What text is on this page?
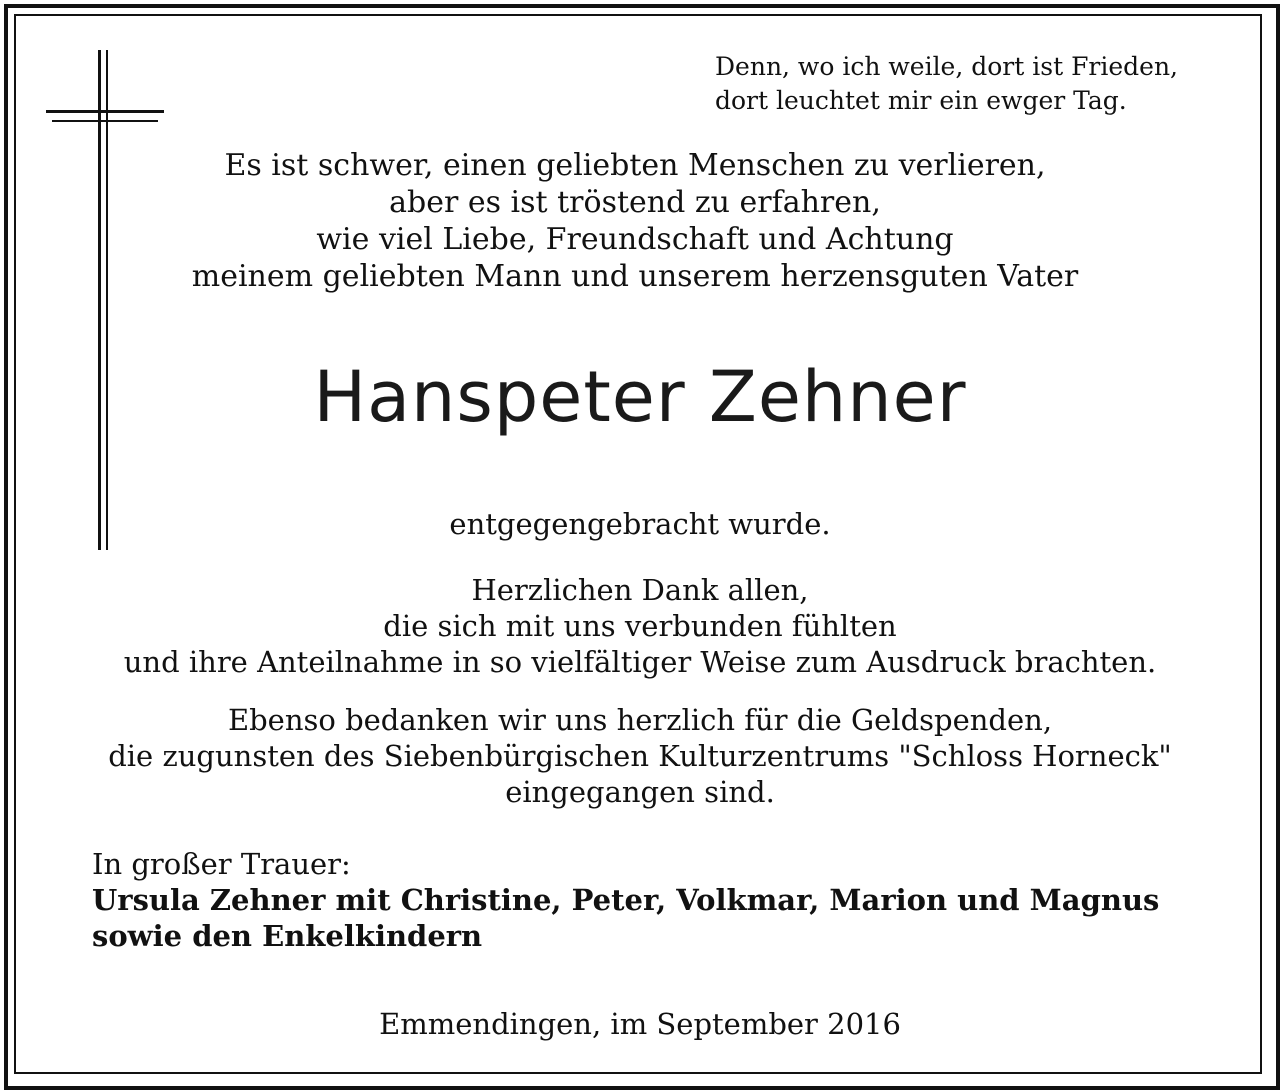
Denn, wo ich weile, dort ist Frieden,
dort leuchtet mir ein ewger Tag.
Es ist schwer, einen geliebten Menschen zu verlieren,
aber es ist tröstend zu erfahren,
wie viel Liebe, Freundschaft und Achtung
meinem geliebten Mann und unserem herzensguten Vater
Hanspeter Zehner
entgegengebracht wurde.
Herzlichen Dank allen,
die sich mit uns verbunden fühlten
und ihre Anteilnahme in so vielfältiger Weise zum Ausdruck brachten.
Ebenso bedanken wir uns herzlich für die Geldspenden,
die zugunsten des Siebenbürgischen Kulturzentrums "Schloss Horneck"
eingegangen sind.
In großer Trauer:
Ursula Zehner mit Christine, Peter, Volkmar, Marion und Magnus
sowie den Enkelkindern
Emmendingen, im September 2016
